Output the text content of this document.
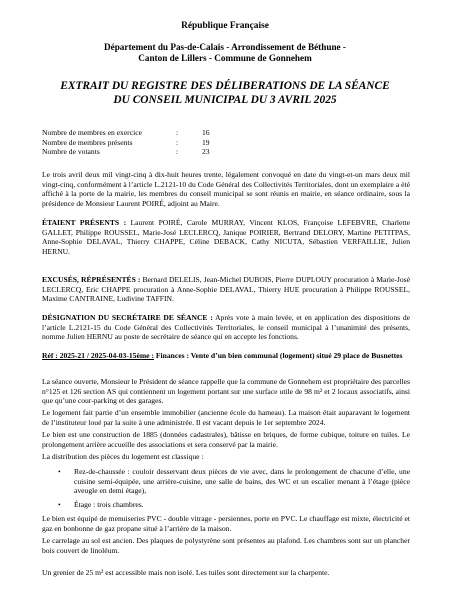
République Française

Département du Pas-de-Calais - Arrondissement de Béthune -

Canton de Lillers - Commune de Gonnehem

EXTRAIT DU REGISTRE DES DÉLIBERATIONS DE LA SÉANCE

DU CONSEIL MUNICIPAL DU 3 AVRIL 2025

Nombre de membres en exercice	:	16
Nombre de membres présents	:	19
Nombre de votants	:	23

Le trois avril deux mil vingt-cinq à dix-huit heures trente, légalement convoqué en date du vingt-et-un mars deux mil vingt-cinq, conformément à l’article L.2121-10 du Code Général des Collectivités Territoriales, dont un exemplaire a été affiché à la porte de la mairie, les membres du conseil municipal se sont réunis en mairie, en séance ordinaire, sous la présidence de Monsieur Laurent POIRÉ, adjoint au Maire.

ÉTAIENT PRÉSENTS : Laurent POIRÉ, Carole MURRAY, Vincent KLOS, Françoise LEFEBVRE, Charlette GALLET, Philippe ROUSSEL, Marie-José LECLERCQ, Janique POIRIER, Bertrand DELORY, Martine PETITPAS, Anne-Sophie DELAVAL, Thierry CHAPPE, Céline DEBACK, Cathy NICUTA, Sébastien VERFAILLIE, Julien HERNU.

EXCUSÉS, RÉPRÉSENTÉS : Bernard DELELIS, Jean-Michel DUBOIS, Pierre DUPLOUY procuration à Marie-José LECLERCQ, Eric CHAPPE procuration à Anne-Sophie DELAVAL, Thierry HUE procuration à Philippe ROUSSEL, Maxime CANTRAINE, Ludivine TAFFIN.

DÉSIGNATION DU SECRÉTAIRE DE SÉANCE : Après vote à main levée, et en application des dispositions de l’article L.2121-15 du Code Général des Collectivités Territoriales, le conseil municipal à l’unanimité des présents, nomme Julien HERNU au poste de secrétaire de séance qui en accepte les fonctions.

Réf : 2025-21 / 2025-04-03-15ème : Finances : Vente d’un bien communal (logement) situé 29 place de Busnettes

La séance ouverte, Monsieur le Président de séance rappelle que la commune de Gonnehem est propriétaire des parcelles n°125 et 126 section AS qui contiennent un logement portant sur une surface utile de 98 m² et 2 locaux associatifs, ainsi que qu’une cour-parking et des garages.

Le logement fait partie d’un ensemble immobilier (ancienne école du hameau). La maison était auparavant le logement de l’instituteur loué par la suite à une administrée. Il est vacant depuis le 1er septembre 2024.

Le bien est une construction de 1885 (données cadastrales), bâtisse en briques, de forme cubique, toiture en tuiles. Le prolongement arrière accueille des associations et sera conservé par la mairie.

La distribution des pièces du logement est classique :

•	Rez-de-chaussée : couloir desservant deux pièces de vie avec, dans le prolongement de chacune d’elle, une cuisine semi-équipée, une arrière-cuisine, une salle de bains, des WC et un escalier menant à l’étage (pièce aveugle en demi étage),
•	Étage : trois chambres.

Le bien est équipé de menuiseries PVC - double vitrage - persiennes, porte en PVC. Le chauffage est mixte, électricité et gaz en bonbonne de gaz propane situé à l’arrière de la maison.

Le carrelage au sol est ancien. Des plaques de polystyrène sont présentes au plafond. Les chambres sont sur un plancher bois couvert de linoléum.

Un grenier de 25 m² est accessible mais non isolé. Les tuiles sont directement sur la charpente.
